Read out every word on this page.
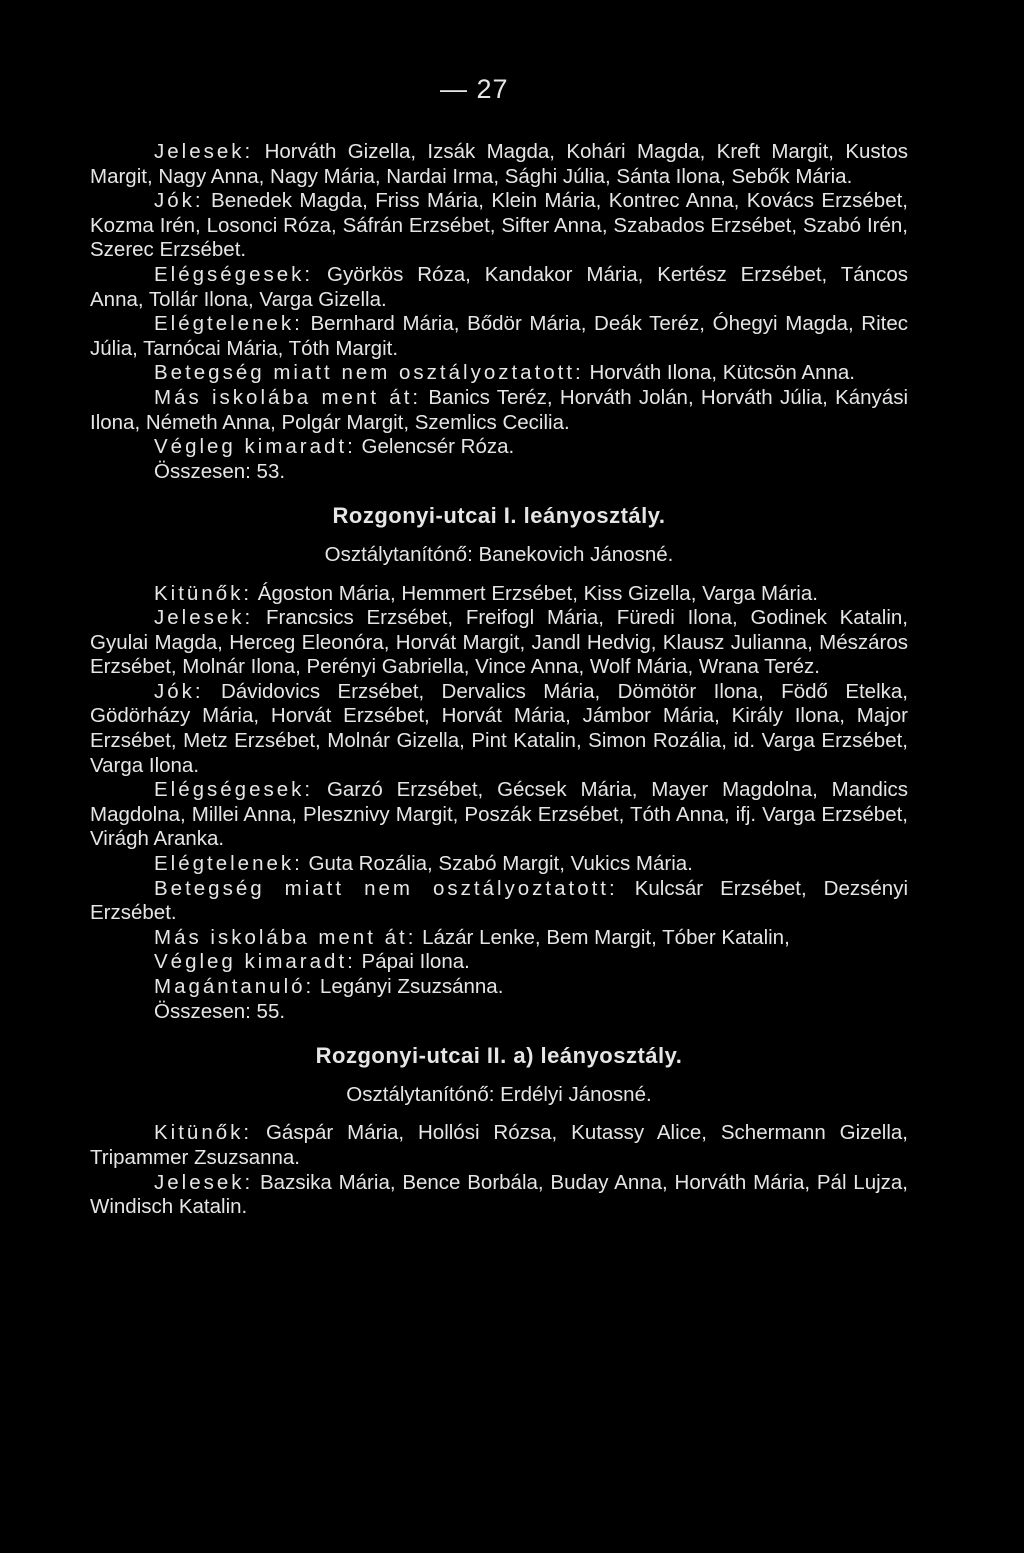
— 27

Jelesek: Horváth Gizella, Izsák Magda, Kohári Magda, Kreft Margit, Kustos Margit, Nagy Anna, Nagy Mária, Nardai Irma, Sághi Júlia, Sánta Ilona, Sebők Mária.

Jók: Benedek Magda, Friss Mária, Klein Mária, Kontrec Anna, Kovács Erzsébet, Kozma Irén, Losonci Róza, Sáfrán Erzsébet, Sifter Anna, Szabados Erzsébet, Szabó Irén, Szerec Erzsébet.

Elégségesek: Györkös Róza, Kandakor Mária, Kertész Erzsébet, Táncos Anna, Tollár Ilona, Varga Gizella.

Elégtelenek: Bernhard Mária, Bődör Mária, Deák Teréz, Óhegyi Magda, Ritec Júlia, Tarnócai Mária, Tóth Margit.

Betegség miatt nem osztályoztatott: Horváth Ilona, Kütcsön Anna.

Más iskolába ment át: Banics Teréz, Horváth Jolán, Horváth Júlia, Kányási Ilona, Németh Anna, Polgár Margit, Szemlics Cecilia.

Végleg kimaradt: Gelencsér Róza.

Összesen: 53.

Rozgonyi-utcai I. leányosztály.

Osztálytanítónő: Banekovich Jánosné.

Kitünők: Ágoston Mária, Hemmert Erzsébet, Kiss Gizella, Varga Mária.

Jelesek: Francsics Erzsébet, Freifogl Mária, Füredi Ilona, Godinek Katalin, Gyulai Magda, Herceg Eleonóra, Horvát Margit, Jandl Hedvig, Klausz Julianna, Mészáros Erzsébet, Molnár Ilona, Perényi Gabriella, Vince Anna, Wolf Mária, Wrana Teréz.

Jók: Dávidovics Erzsébet, Dervalics Mária, Dömötör Ilona, Födő Etelka, Gödörházy Mária, Horvát Erzsébet, Horvát Mária, Jámbor Mária, Király Ilona, Major Erzsébet, Metz Erzsébet, Molnár Gizella, Pint Katalin, Simon Rozália, id. Varga Erzsébet, Varga Ilona.

Elégségesek: Garzó Erzsébet, Gécsek Mária, Mayer Magdolna, Mandics Magdolna, Millei Anna, Plesznivy Margit, Poszák Erzsébet, Tóth Anna, ifj. Varga Erzsébet, Virágh Aranka.

Elégtelenek: Guta Rozália, Szabó Margit, Vukics Mária.

Betegség miatt nem osztályoztatott: Kulcsár Erzsébet, Dezsényi Erzsébet.

Más iskolába ment át: Lázár Lenke, Bem Margit, Tóber Katalin,

Végleg kimaradt: Pápai Ilona.

Magántanuló: Legányi Zsuzsánna.

Összesen: 55.

Rozgonyi-utcai II. a) leányosztály.

Osztálytanítónő: Erdélyi Jánosné.

Kitünők: Gáspár Mária, Hollósi Rózsa, Kutassy Alice, Schermann Gizella, Tripammer Zsuzsanna.

Jelesek: Bazsika Mária, Bence Borbála, Buday Anna, Horváth Mária, Pál Lujza, Windisch Katalin.
